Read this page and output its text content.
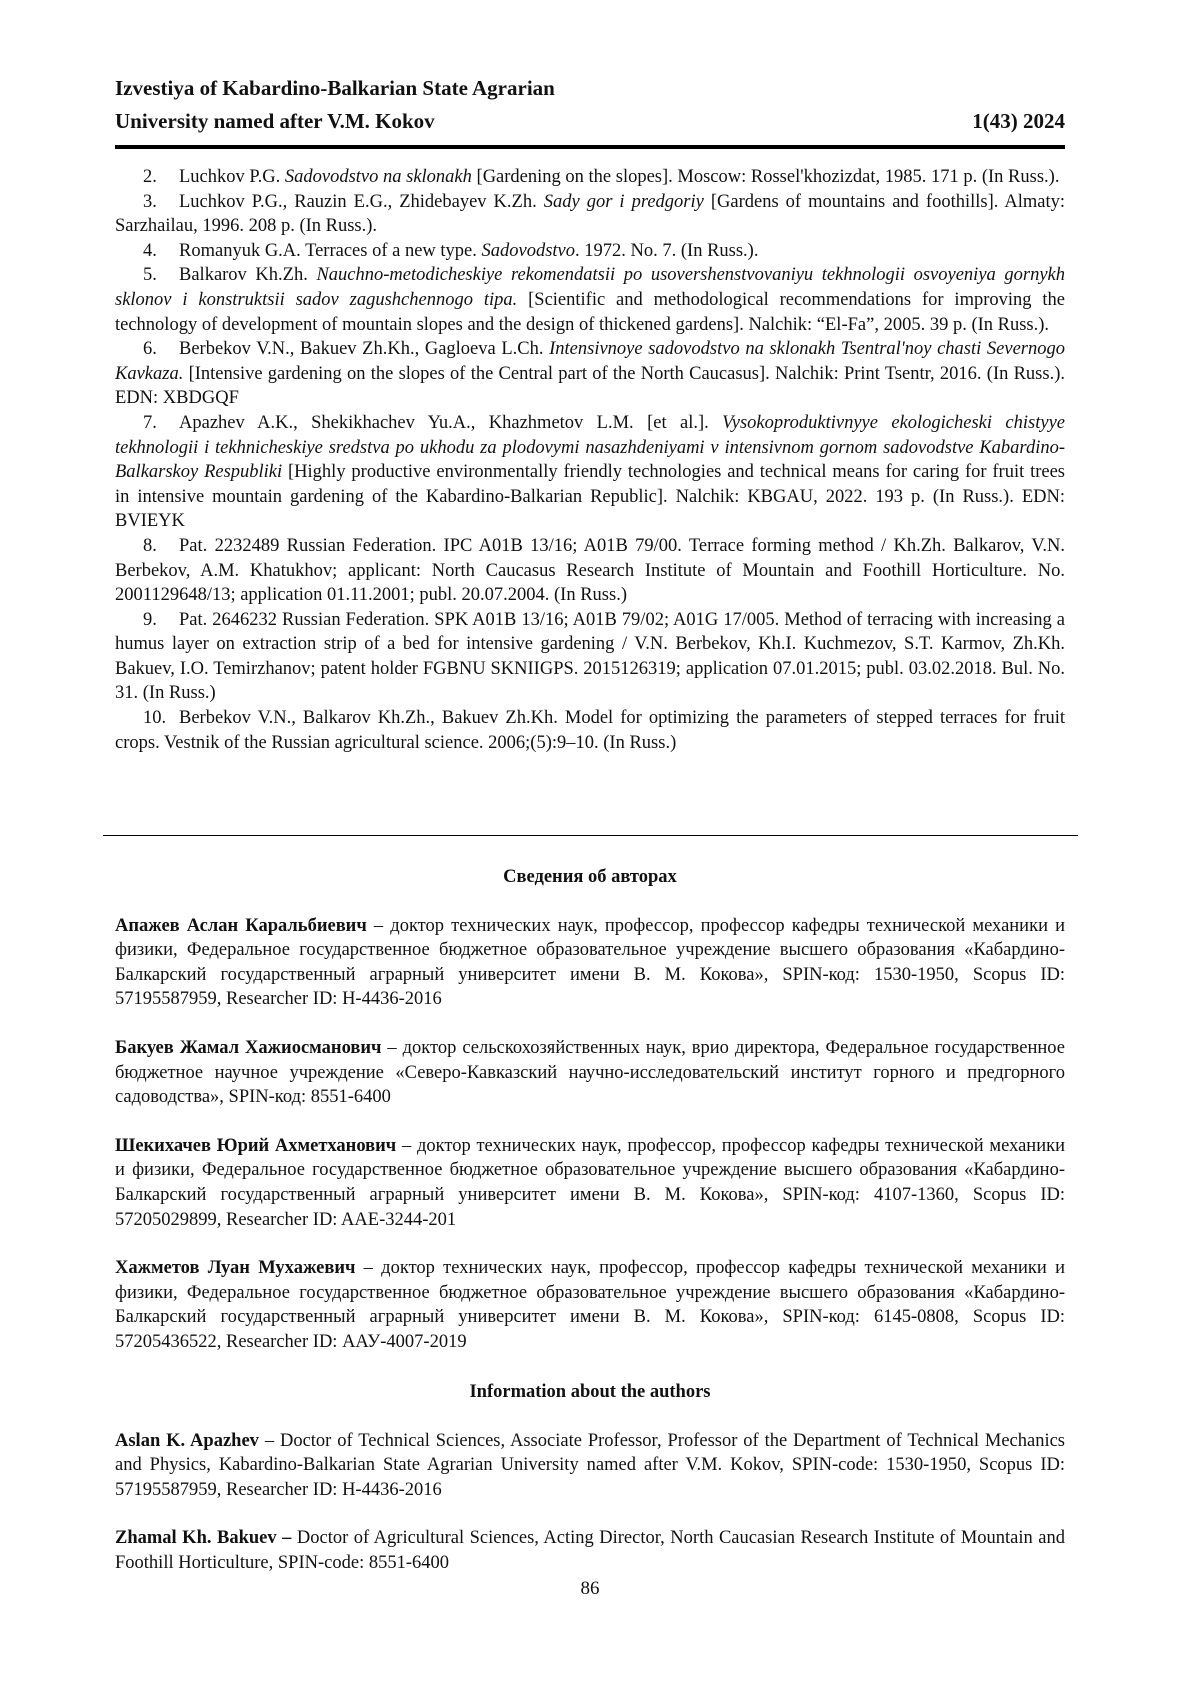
Izvestiya of Kabardino-Balkarian State Agrarian
University named after V.M. Kokov	1(43) 2024

2. Luchkov P.G. Sadovodstvo na sklonakh [Gardening on the slopes]. Moscow: Rossel'khozizdat, 1985. 171 p. (In Russ.).

3. Luchkov P.G., Rauzin E.G., Zhidebayev K.Zh. Sady gor i predgoriy [Gardens of mountains and foothills]. Almaty: Sarzhailau, 1996. 208 p. (In Russ.).

4. Romanyuk G.A. Terraces of a new type. Sadovodstvo. 1972. No. 7. (In Russ.).

5. Balkarov Kh.Zh. Nauchno-metodicheskiye rekomendatsii po usovershenstvovaniyu tekhnologii osvoyeniya gornykh sklonov i konstruktsii sadov zagushchennogo tipa. [Scientific and methodological recommendations for improving the technology of development of mountain slopes and the design of thickened gardens]. Nalchik: “El-Fa”, 2005. 39 p. (In Russ.).

6. Berbekov V.N., Bakuev Zh.Kh., Gagloeva L.Ch. Intensivnoye sadovodstvo na sklonakh Tsentral'noy chasti Severnogo Kavkaza. [Intensive gardening on the slopes of the Central part of the North Caucasus]. Nalchik: Print Tsentr, 2016. (In Russ.). EDN: XBDGQF

7. Apazhev A.K., Shekikhachev Yu.A., Khazhmetov L.M. [et al.]. Vysokoproduktivnyye ekologicheski chistyye tekhnologii i tekhnicheskiye sredstva po ukhodu za plodovymi nasazhdeniyami v intensivnom gornom sadovodstve Kabardino-Balkarskoy Respubliki [Highly productive environmentally friendly technologies and technical means for caring for fruit trees in intensive mountain gardening of the Kabardino-Balkarian Republic]. Nalchik: KBGAU, 2022. 193 p. (In Russ.). EDN: BVIEYK

8. Pat. 2232489 Russian Federation. IPC A01B 13/16; A01B 79/00. Terrace forming method / Kh.Zh. Balkarov, V.N. Berbekov, A.M. Khatukhov; applicant: North Caucasus Research Institute of Mountain and Foothill Horticulture. No. 2001129648/13; application 01.11.2001; publ. 20.07.2004. (In Russ.)

9. Pat. 2646232 Russian Federation. SPK A01B 13/16; A01B 79/02; A01G 17/005. Method of terracing with increasing a humus layer on extraction strip of a bed for intensive gardening / V.N. Berbekov, Kh.I. Kuchmezov, S.T. Karmov, Zh.Kh. Bakuev, I.O. Temirzhanov; patent holder FGBNU SKNIIGPS. 2015126319; application 07.01.2015; publ. 03.02.2018. Bul. No. 31. (In Russ.)

10. Berbekov V.N., Balkarov Kh.Zh., Bakuev Zh.Kh. Model for optimizing the parameters of stepped terraces for fruit crops. Vestnik of the Russian agricultural science. 2006;(5):9–10. (In Russ.)

Сведения об авторах

Апажев Аслан Каральбиевич – доктор технических наук, профессор, профессор кафедры технической механики и физики, Федеральное государственное бюджетное образовательное учреждение высшего образования «Кабардино-Балкарский государственный аграрный университет имени В. М. Кокова», SPIN-код: 1530-1950, Scopus ID: 57195587959, Researcher ID: H-4436-2016

Бакуев Жамал Хажиосманович – доктор сельскохозяйственных наук, врио директора, Федеральное государственное бюджетное научное учреждение «Северо-Кавказский научно-исследовательский институт горного и предгорного садоводства», SPIN-код: 8551-6400

Шекихачев Юрий Ахметханович – доктор технических наук, профессор, профессор кафедры технической механики и физики, Федеральное государственное бюджетное образовательное учреждение высшего образования «Кабардино-Балкарский государственный аграрный университет имени В. М. Кокова», SPIN-код: 4107-1360, Scopus ID: 57205029899, Researcher ID: AAE-3244-201

Хажметов Луан Мухажевич – доктор технических наук, профессор, профессор кафедры технической механики и физики, Федеральное государственное бюджетное образовательное учреждение высшего образования «Кабардино-Балкарский государственный аграрный университет имени В. М. Кокова», SPIN-код: 6145-0808, Scopus ID: 57205436522, Researcher ID: ААУ-4007-2019

Information about the authors

Aslan K. Apazhev – Doctor of Technical Sciences, Associate Professor, Professor of the Department of Technical Mechanics and Physics, Kabardino-Balkarian State Agrarian University named after V.M. Kokov, SPIN-code: 1530-1950, Scopus ID: 57195587959, Researcher ID: H-4436-2016

Zhamal Kh. Bakuev – Doctor of Agricultural Sciences, Acting Director, North Caucasian Research Institute of Mountain and Foothill Horticulture, SPIN-code: 8551-6400

86
